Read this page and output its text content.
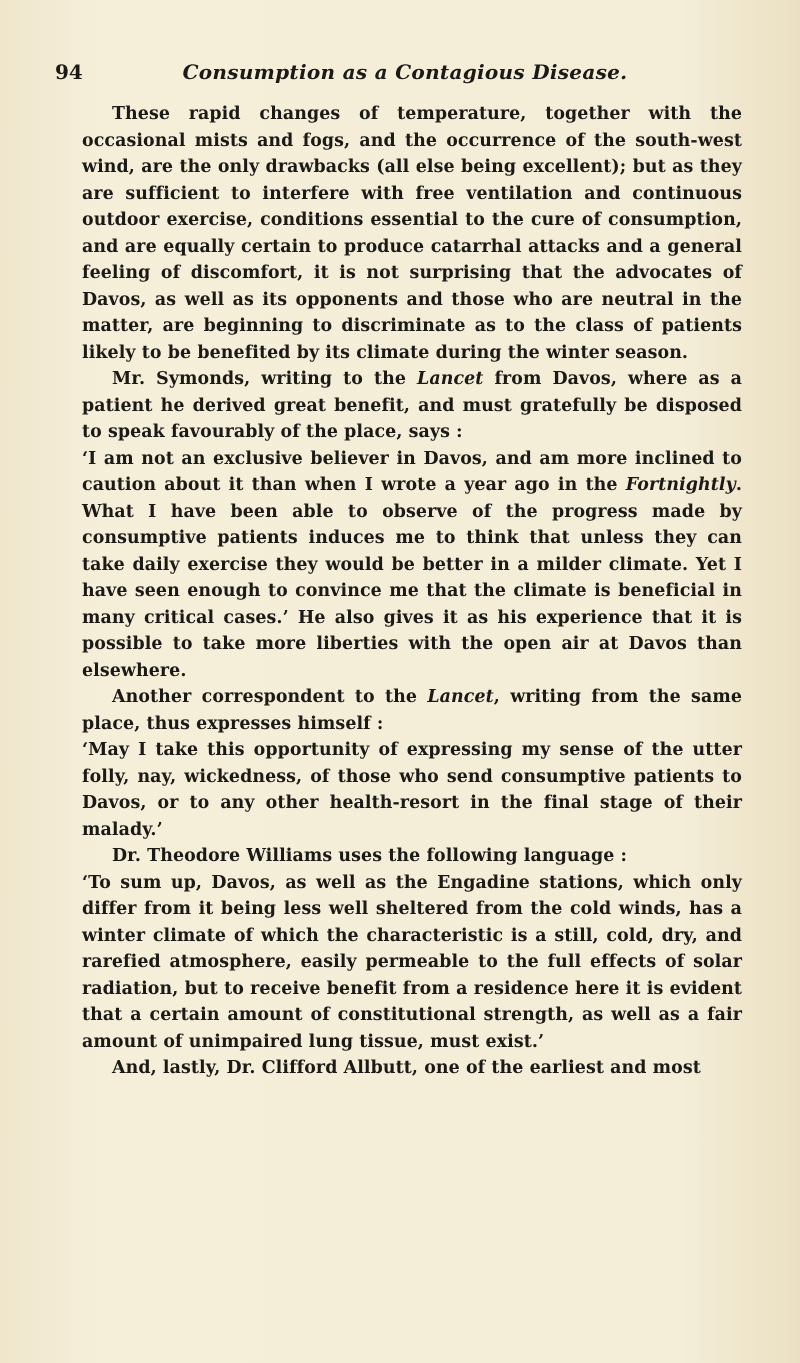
94	Consumption as a Contagious Disease.

These rapid changes of temperature, together with the occasional mists and fogs, and the occurrence of the south-west wind, are the only drawbacks (all else being excellent); but as they are sufficient to interfere with free ventilation and continuous outdoor exercise, conditions essential to the cure of consumption, and are equally certain to produce catarrhal attacks and a general feeling of discomfort, it is not surprising that the advocates of Davos, as well as its opponents and those who are neutral in the matter, are beginning to discriminate as to the class of patients likely to be benefited by its climate during the winter season.

Mr. Symonds, writing to the Lancet from Davos, where as a patient he derived great benefit, and must gratefully be disposed to speak favourably of the place, says :

‘I am not an exclusive believer in Davos, and am more inclined to caution about it than when I wrote a year ago in the Fortnightly. What I have been able to observe of the progress made by consumptive patients induces me to think that unless they can take daily exercise they would be better in a milder climate. Yet I have seen enough to convince me that the climate is beneficial in many critical cases.’ He also gives it as his experience that it is possible to take more liberties with the open air at Davos than elsewhere.

Another correspondent to the Lancet, writing from the same place, thus expresses himself :

‘May I take this opportunity of expressing my sense of the utter folly, nay, wickedness, of those who send consumptive patients to Davos, or to any other health-resort in the final stage of their malady.’

Dr. Theodore Williams uses the following language :

‘To sum up, Davos, as well as the Engadine stations, which only differ from it being less well sheltered from the cold winds, has a winter climate of which the characteristic is a still, cold, dry, and rarefied atmosphere, easily permeable to the full effects of solar radiation, but to receive benefit from a residence here it is evident that a certain amount of constitutional strength, as well as a fair amount of unimpaired lung tissue, must exist.’

And, lastly, Dr. Clifford Allbutt, one of the earliest and most
